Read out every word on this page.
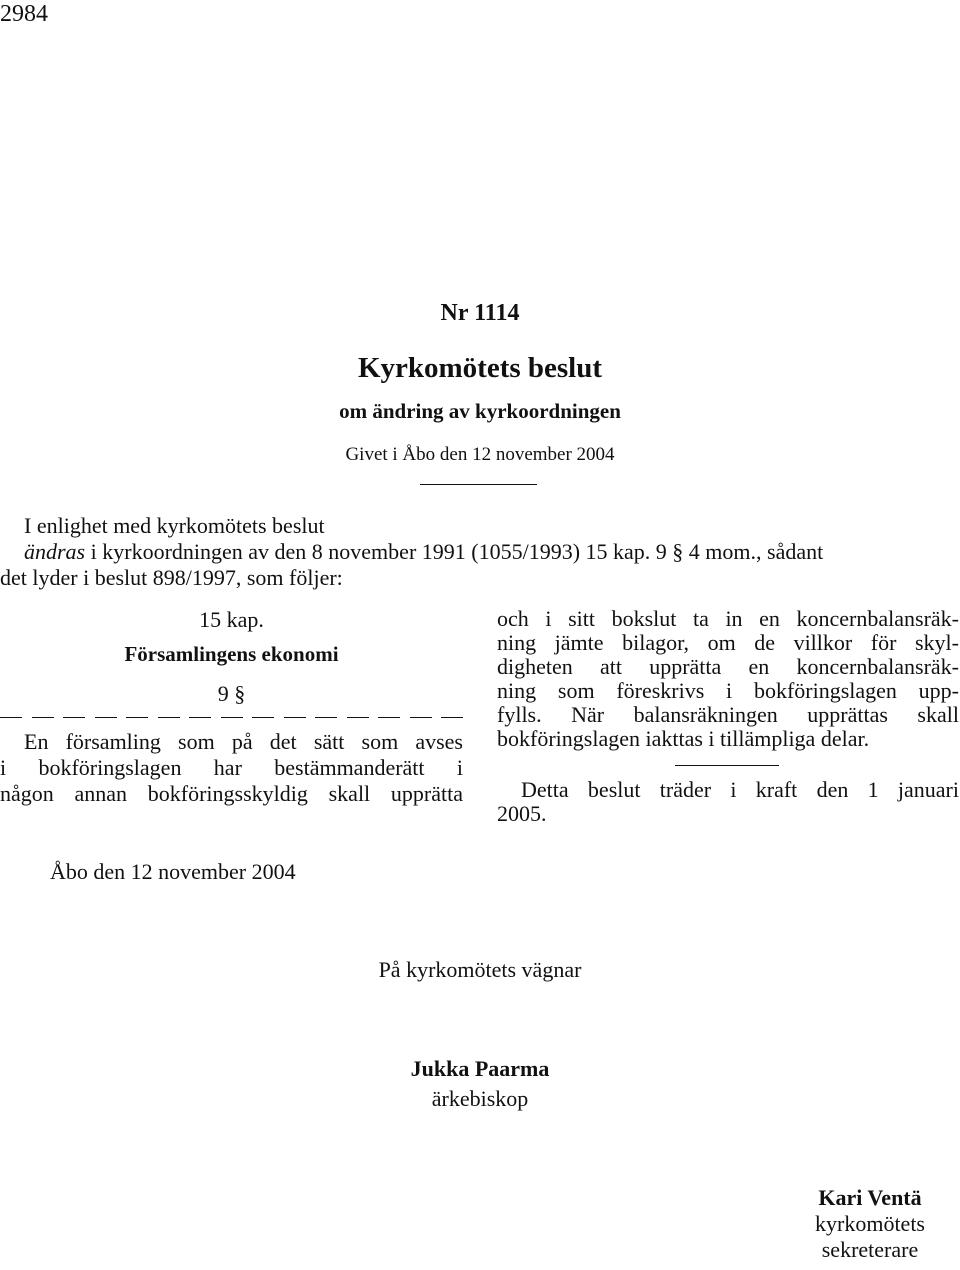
2984
Nr 1114
Kyrkomötets beslut
om ändring av kyrkoordningen
Givet i Åbo den 12 november 2004

I enlighet med kyrkomötets beslut

ändras i kyrkoordningen av den 8 november 1991 (1055/1993) 15 kap. 9 § 4 mom., sådant

det lyder i beslut 898/1997, som följer:

15 kap.
Församlingens ekonomi
9 §
En församling som på det sätt som avses
i bokföringslagen har bestämmanderätt i
någon annan bokföringsskyldig skall upprätta
och i sitt bokslut ta in en koncernbalansräk-
ning jämte bilagor, om de villkor för skyl-
digheten att upprätta en koncernbalansräk-
ning som föreskrivs i bokföringslagen upp-
fylls. När balansräkningen upprättas skall
bokföringslagen iakttas i tillämpliga delar.
Detta beslut träder i kraft den 1 januari
2005.
Åbo den 12 november 2004
På kyrkomötets vägnar
Jukka Paarma
ärkebiskop
Kari Ventä
kyrkomötets
sekreterare
